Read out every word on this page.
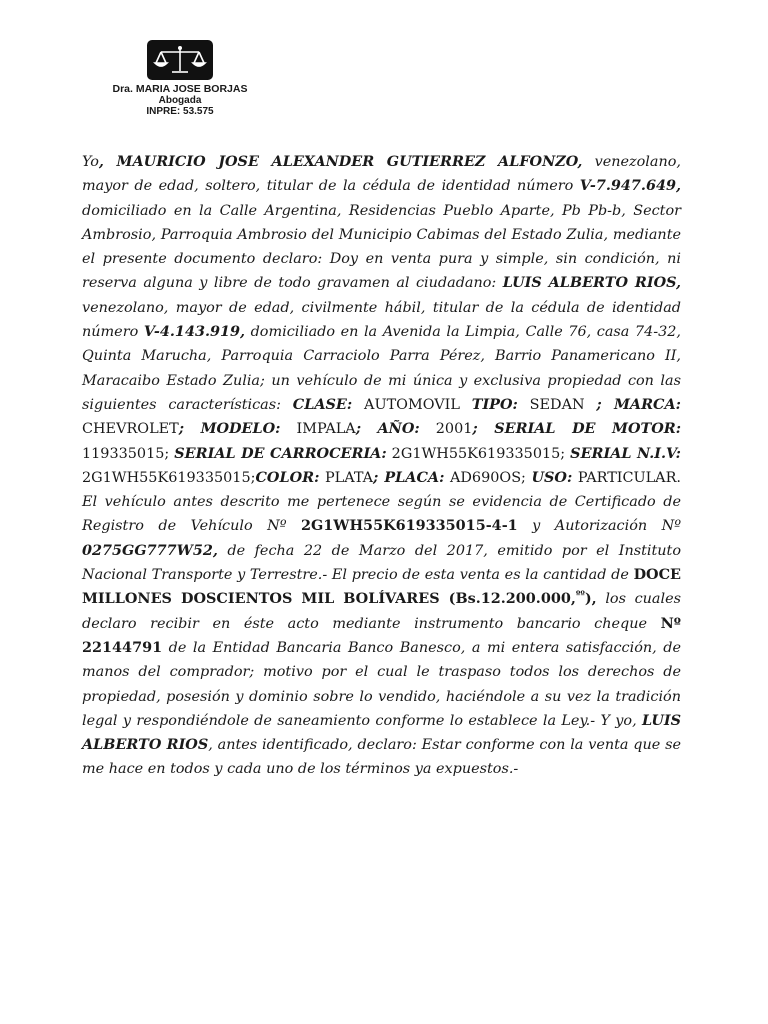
Dra. MARIA JOSE BORJAS
Abogada
INPRE: 53.575

Yo, MAURICIO JOSE ALEXANDER GUTIERREZ ALFONZO, venezolano, mayor de edad, soltero, titular de la cédula de identidad número V-7.947.649, domiciliado en la Calle Argentina, Residencias Pueblo Aparte, Pb Pb-b, Sector Ambrosio, Parroquia Ambrosio del Municipio Cabimas del Estado Zulia, mediante el presente documento declaro: Doy en venta pura y simple, sin condición, ni reserva alguna y libre de todo gravamen al ciudadano: LUIS ALBERTO RIOS, venezolano, mayor de edad, civilmente hábil, titular de la cédula de identidad número V-4.143.919, domiciliado en la Avenida la Limpia, Calle 76, casa 74-32, Quinta Marucha, Parroquia Carraciolo Parra Pérez, Barrio Panamericano II, Maracaibo Estado Zulia; un vehículo de mi única y exclusiva propiedad con las siguientes características: CLASE: AUTOMOVIL TIPO: SEDAN ; MARCA: CHEVROLET; MODELO: IMPALA; AÑO: 2001; SERIAL DE MOTOR: 119335015; SERIAL DE CARROCERIA: 2G1WH55K619335015; SERIAL N.I.V: 2G1WH55K619335015;COLOR: PLATA; PLACA: AD690OS; USO: PARTICULAR. El vehículo antes descrito me pertenece según se evidencia de Certificado de Registro de Vehículo Nº 2G1WH55K619335015-4-1 y Autorización Nº 0275GG777W52, de fecha 22 de Marzo del 2017, emitido por el Instituto Nacional Transporte y Terrestre.- El precio de esta venta es la cantidad de DOCE MILLONES DOSCIENTOS MIL BOLÍVARES (Bs.12.200.000,$^{ºº}$), los cuales declaro recibir en éste acto mediante instrumento bancario cheque Nº 22144791 de la Entidad Bancaria Banco Banesco, a mi entera satisfacción, de manos del comprador; motivo por el cual le traspaso todos los derechos de propiedad, posesión y dominio sobre lo vendido, haciéndole a su vez la tradición legal y respondiéndole de saneamiento conforme lo establece la Ley.- Y yo, LUIS ALBERTO RIOS, antes identificado, declaro: Estar conforme con la venta que se me hace en todos y cada uno de los términos ya expuestos.-
